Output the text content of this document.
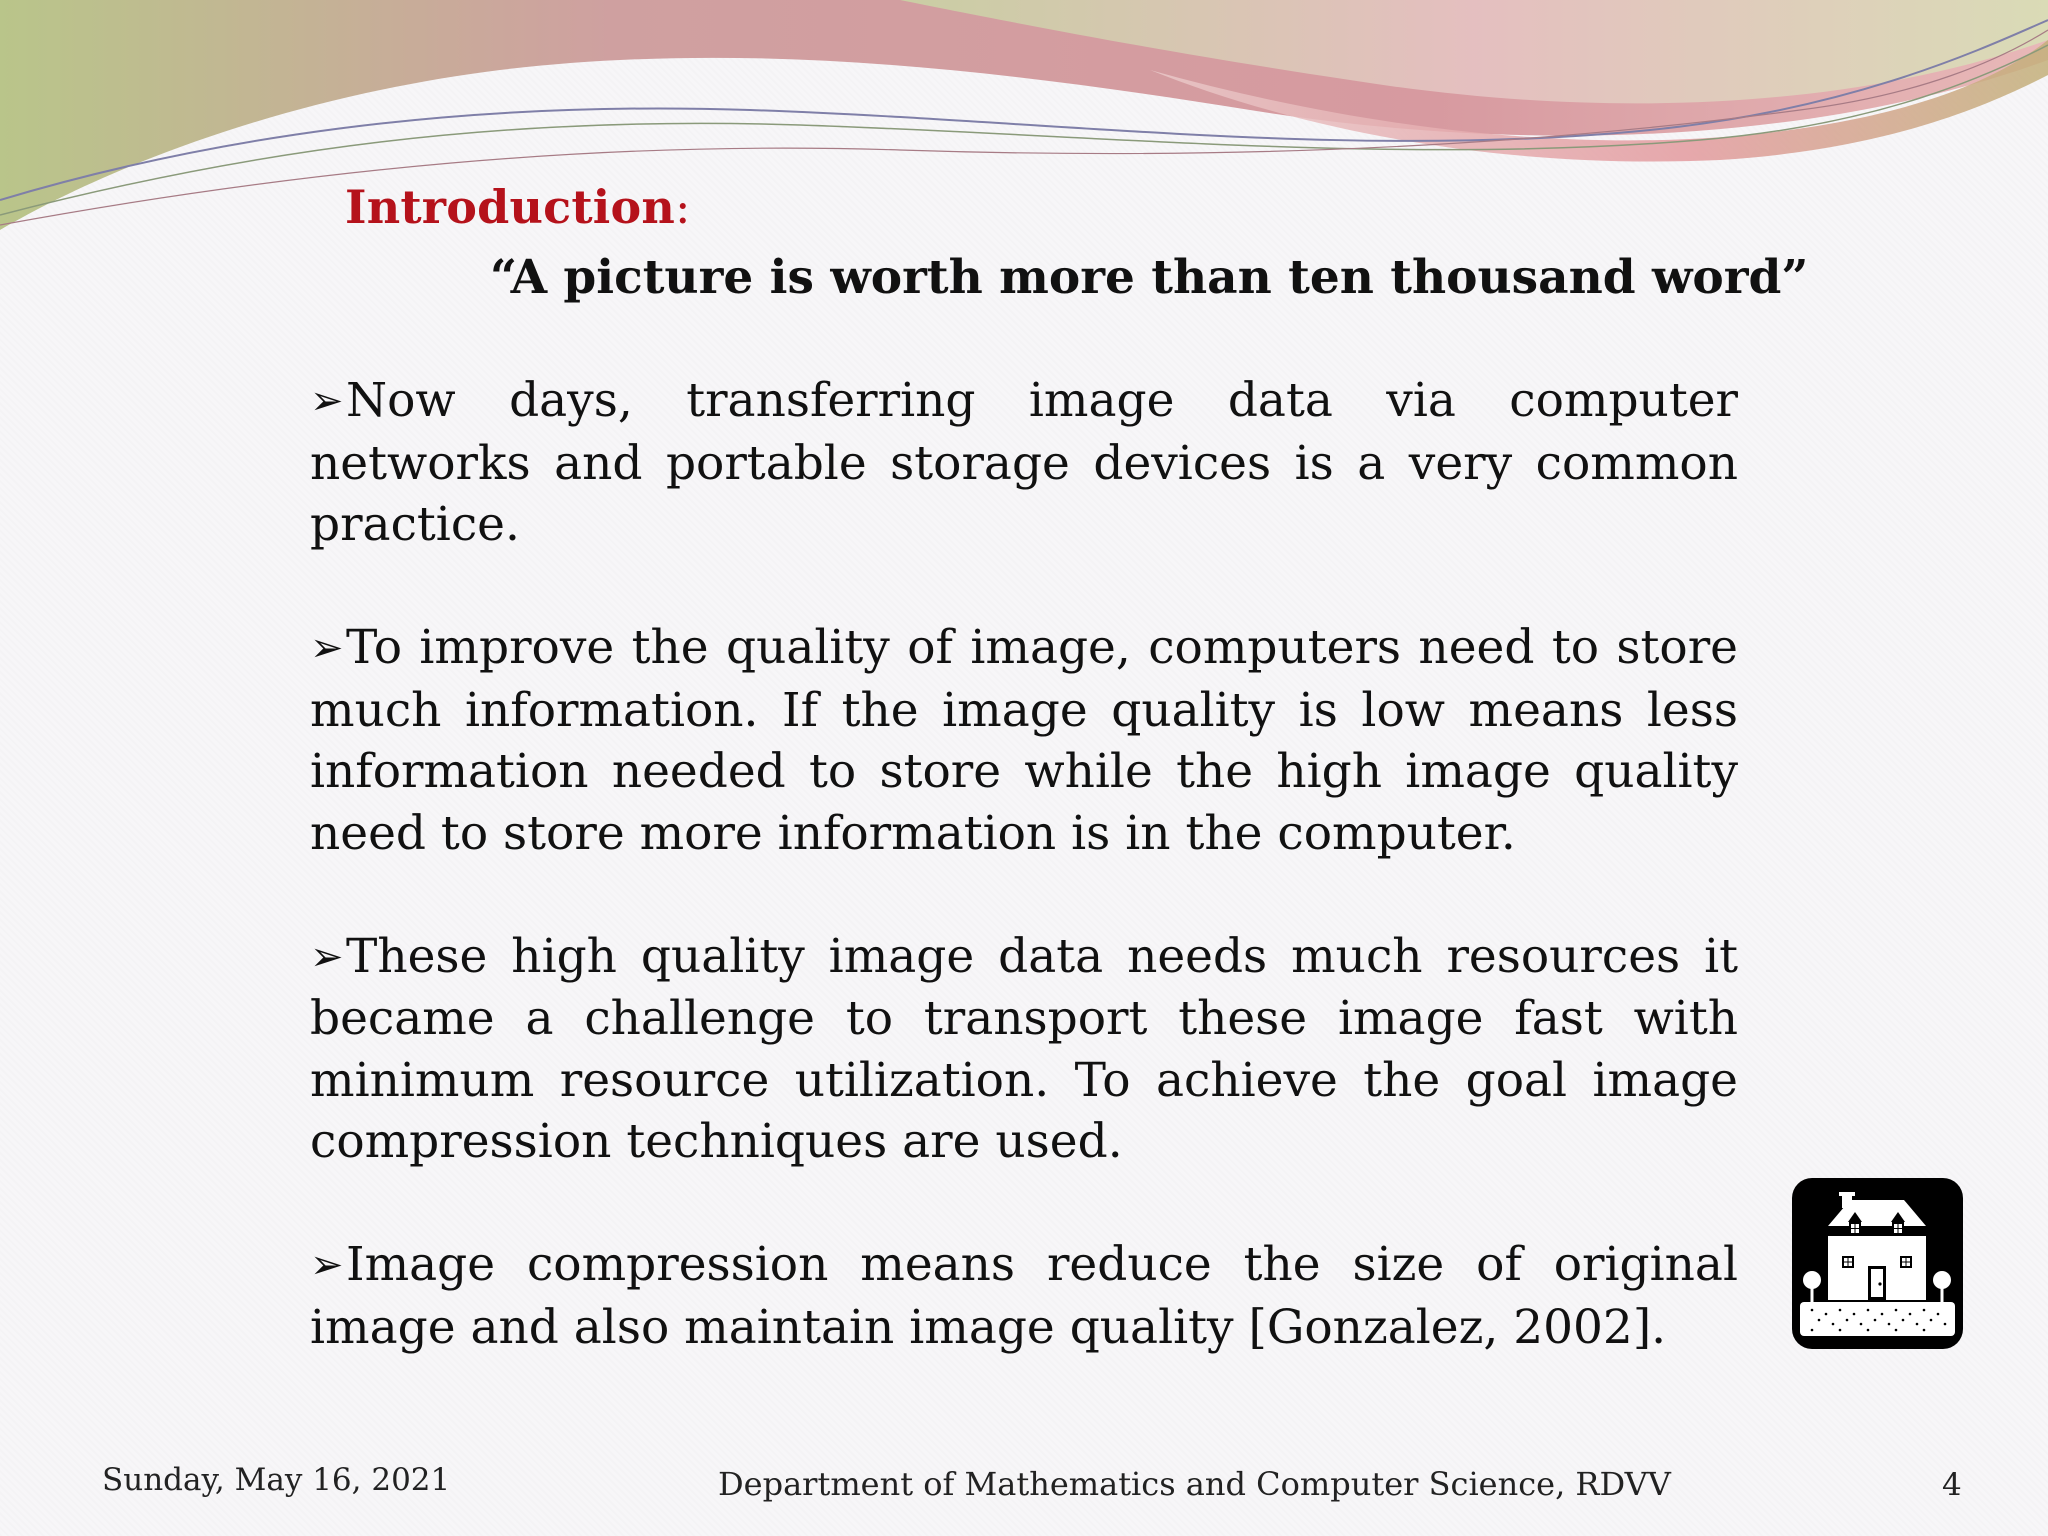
Introduction:
“A picture is worth more than ten thousand word”

➢Now days, transferring image data via computer networks and portable storage devices is a very common practice.

➢To improve the quality of image, computers need to store much information. If the image quality is low means less information needed to store while the high image quality need to store more information is in the computer.

➢These high quality image data needs much resources it became a challenge to transport these image fast with minimum resource utilization. To achieve the goal image compression techniques are used.

➢Image compression means reduce the size of original image and also maintain image quality [Gonzalez, 2002].

Sunday, May 16, 2021	Department of Mathematics and Computer Science, RDVV	4
